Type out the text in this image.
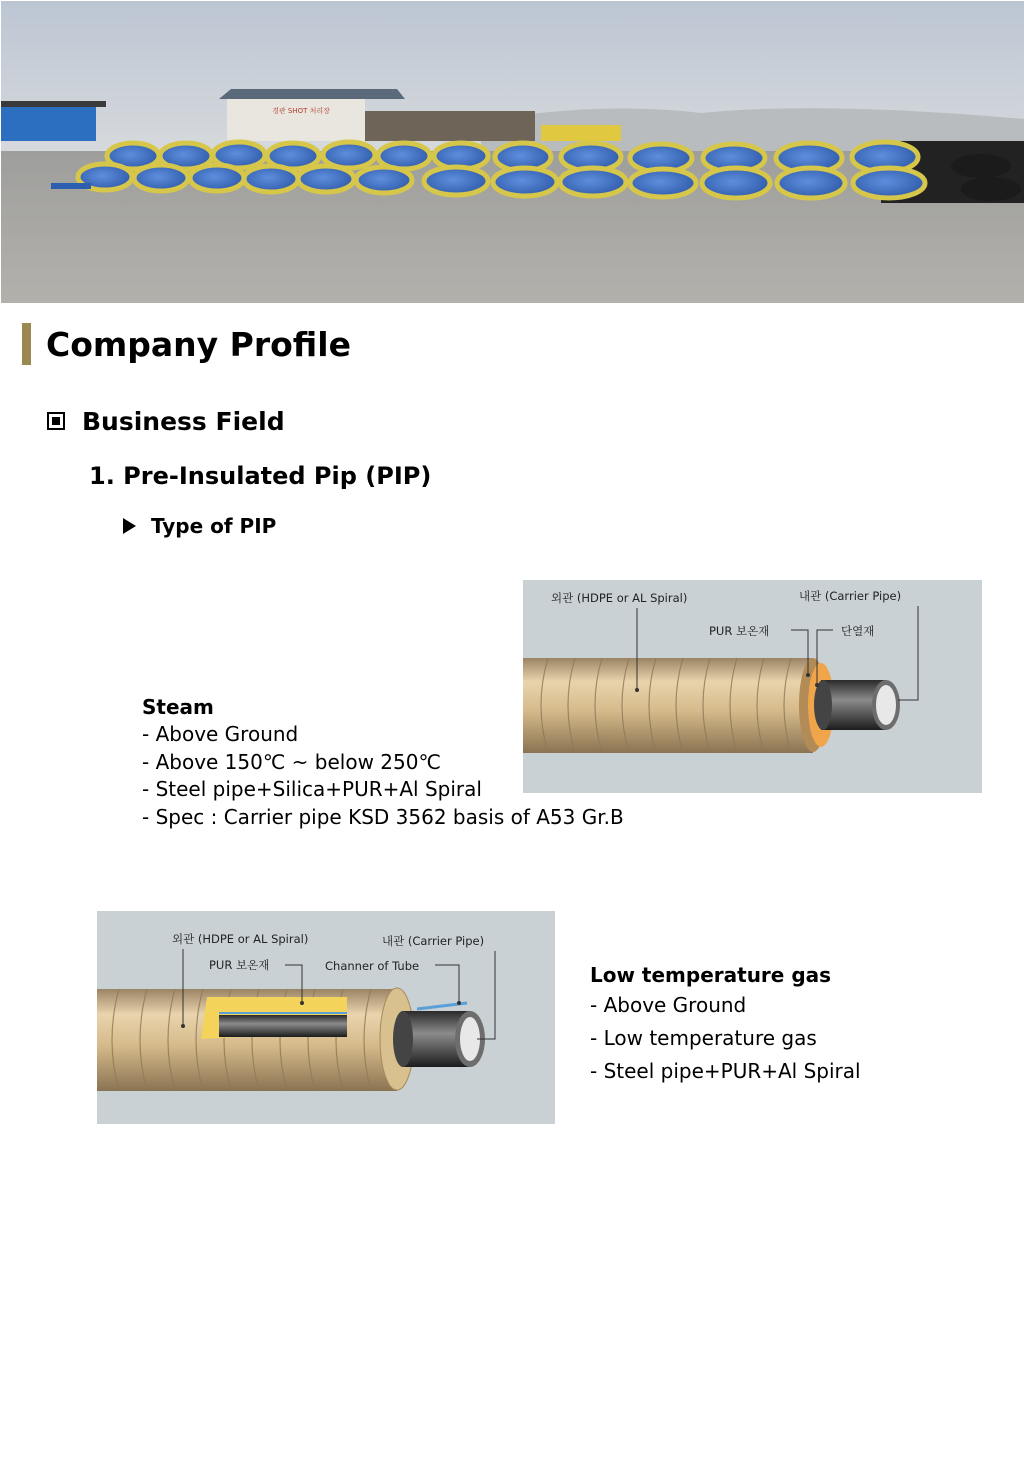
경관 SHOT 처리장
Company Profile
Business Field
1. Pre-Insulated Pip (PIP)
Type of PIP
외관 (HDPE or AL Spiral)	내관 (Carrier Pipe)
PUR 보온재	단열재
Steam
- Above Ground
- Above 150℃ ~ below 250℃
- Steel pipe+Silica+PUR+Al Spiral
- Spec : Carrier pipe KSD 3562 basis of A53 Gr.B
외관 (HDPE or AL Spiral)	내관 (Carrier Pipe)
PUR 보온재	Channer of Tube	Low temperature gas
- Above Ground
- Low temperature gas
- Steel pipe+PUR+Al Spiral
